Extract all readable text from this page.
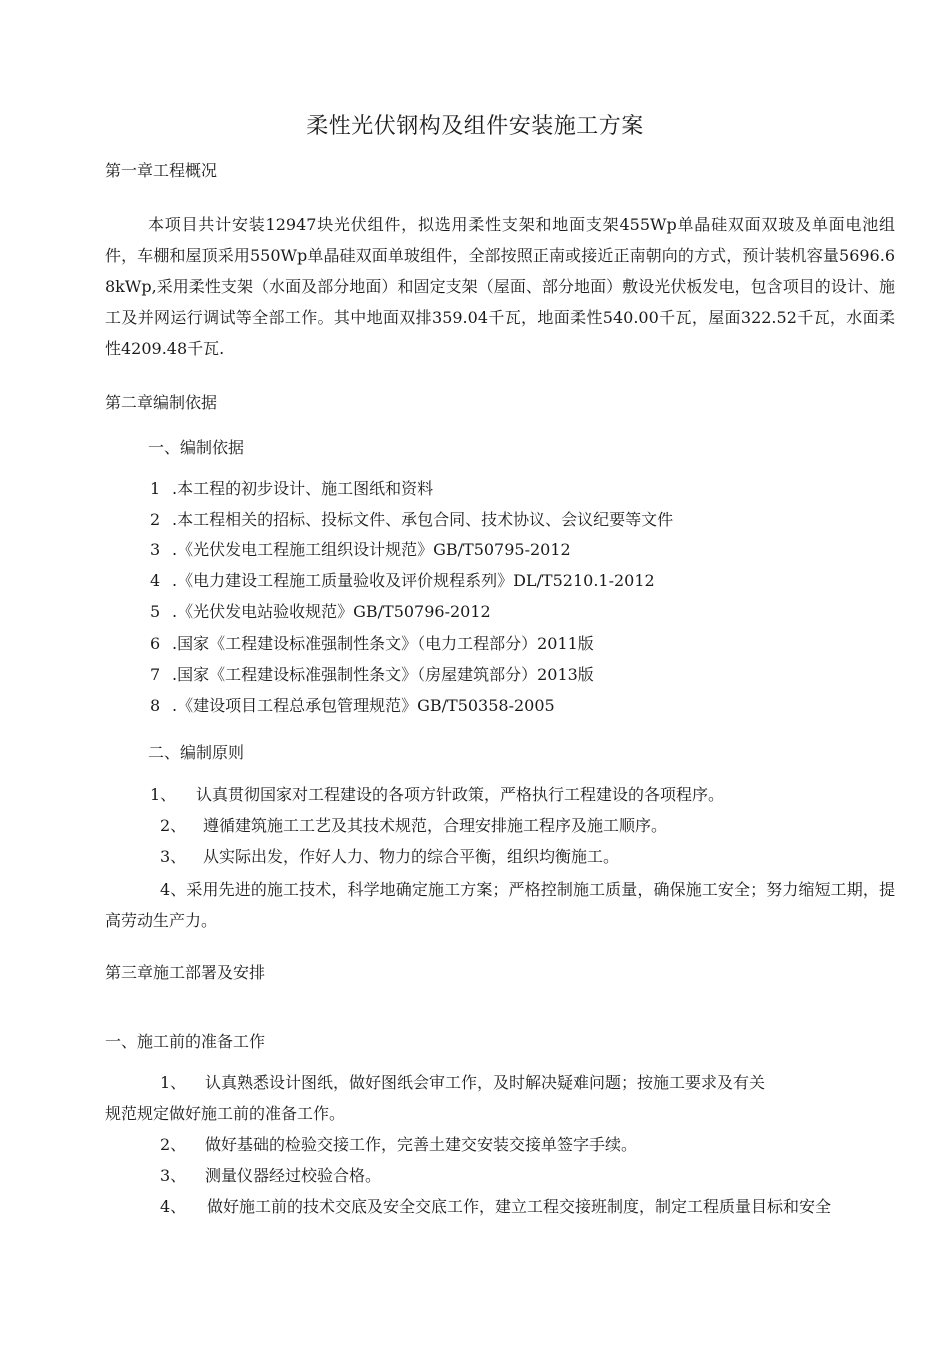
柔性光伏钢构及组件安装施工方案
第一章工程概况
本项目共计安装12947块光伏组件，拟选用柔性支架和地面支架455Wp单晶硅双面双玻及单面电池组件，车棚和屋顶采用550Wp单晶硅双面单玻组件，全部按照正南或接近正南朝向的方式，预计装机容量5696.68kWp,采用柔性支架（水面及部分地面）和固定支架（屋面、部分地面）敷设光伏板发电，包含项目的设计、施工及并网运行调试等全部工作。其中地面双排359.04千瓦，地面柔性540.00千瓦，屋面322.52千瓦，水面柔性4209.48千瓦.
第二章编制依据
一、编制依据
1 .本工程的初步设计、施工图纸和资料
2 .本工程相关的招标、投标文件、承包合同、技术协议、会议纪要等文件
3 .《光伏发电工程施工组织设计规范》GB/T50795-2012
4 .《电力建设工程施工质量验收及评价规程系列》DL/T5210.1-2012
5 .《光伏发电站验收规范》GB/T50796-2012
6 .国家《工程建设标准强制性条文》（电力工程部分）2011版
7 .国家《工程建设标准强制性条文》（房屋建筑部分）2013版
8 .《建设项目工程总承包管理规范》GB/T50358-2005
二、编制原则
1、 认真贯彻国家对工程建设的各项方针政策，严格执行工程建设的各项程序。
2、 遵循建筑施工工艺及其技术规范，合理安排施工程序及施工顺序。
3、 从实际出发，作好人力、物力的综合平衡，组织均衡施工。
4、采用先进的施工技术，科学地确定施工方案；严格控制施工质量，确保施工安全；努力缩短工期，提高劳动生产力。
第三章施工部署及安排
一、施工前的准备工作
1、 认真熟悉设计图纸，做好图纸会审工作，及时解决疑难问题；按施工要求及有关
规范规定做好施工前的准备工作。
2、 做好基础的检验交接工作，完善土建交安装交接单签字手续。
3、 测量仪器经过校验合格。
4、 做好施工前的技术交底及安全交底工作，建立工程交接班制度，制定工程质量目标和安全
